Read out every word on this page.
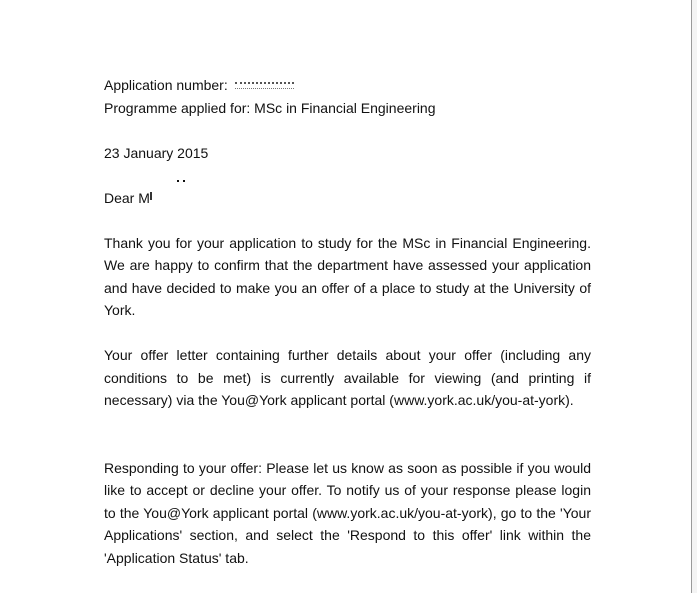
Application number:
Programme applied for: MSc in Financial Engineering
23 January 2015
Dear M
Thank you for your application to study for the MSc in Financial Engineering. We are happy to confirm that the department have assessed your application and have decided to make you an offer of a place to study at the University of York.
Your offer letter containing further details about your offer (including any conditions to be met) is currently available for viewing (and printing if necessary) via the You@York applicant portal (www.york.ac.uk/you-at-york).
Responding to your offer: Please let us know as soon as possible if you would like to accept or decline your offer. To notify us of your response please login to the You@York applicant portal (www.york.ac.uk/you-at-york), go to the 'Your Applications' section, and select the 'Respond to this offer' link within the 'Application Status' tab.
